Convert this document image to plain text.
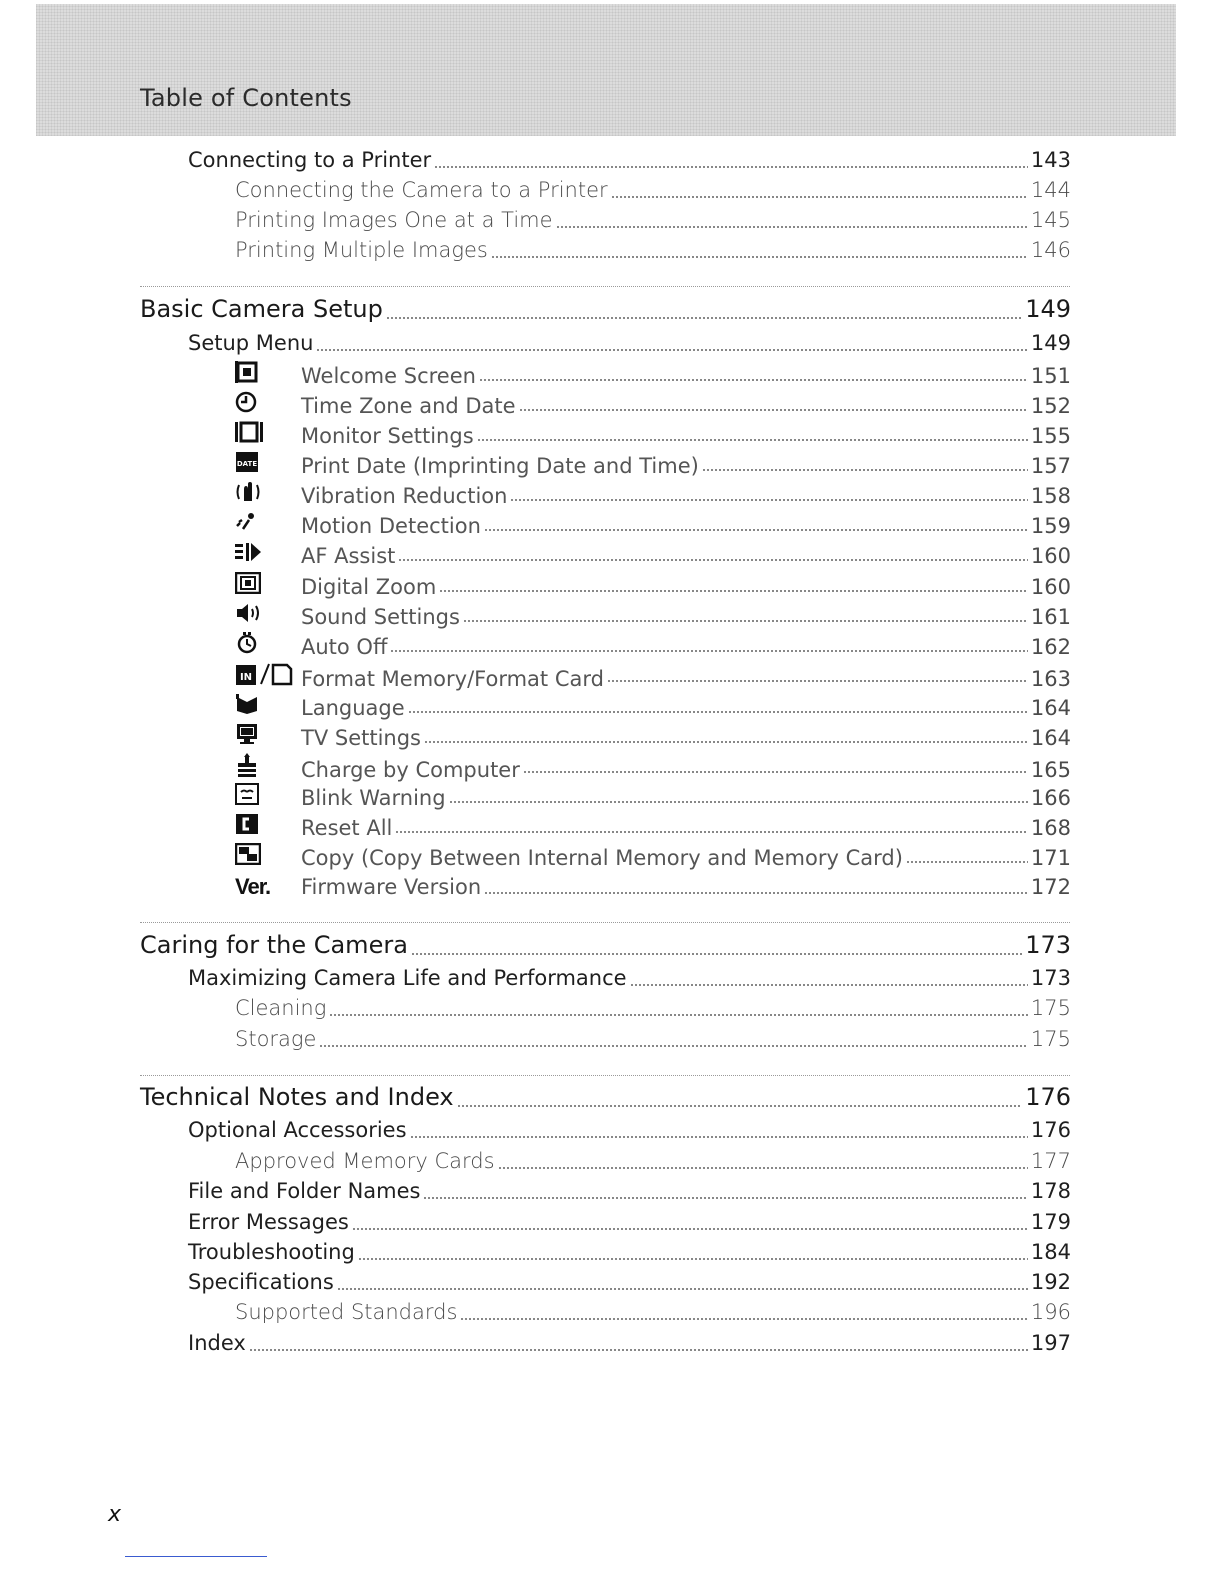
Table of Contents
Connecting to a Printer	143
Connecting the Camera to a Printer	144
Printing Images One at a Time	145
Printing Multiple Images	146
Basic Camera Setup	149
Setup Menu	149
Welcome Screen	151
Time Zone and Date	152
Monitor Settings	155
DATE Print Date (Imprinting Date and Time)	157
Vibration Reduction	158
Motion Detection	159
AF Assist	160
Digital Zoom	160
Sound Settings	161
Auto Off	162
IN Format Memory/Format Card	163
Language	164
TV Settings	164
Charge by Computer	165
Blink Warning	166
Reset All	168
Copy (Copy Between Internal Memory and Memory Card)	171
Ver.	Firmware Version	172
Caring for the Camera	173
Maximizing Camera Life and Performance	173
Cleaning	175
Storage	175
Technical Notes and Index	176
Optional Accessories	176
Approved Memory Cards	177
File and Folder Names	178
Error Messages	179
Troubleshooting	184
Specifications	192
Supported Standards	196
Index	197
x
